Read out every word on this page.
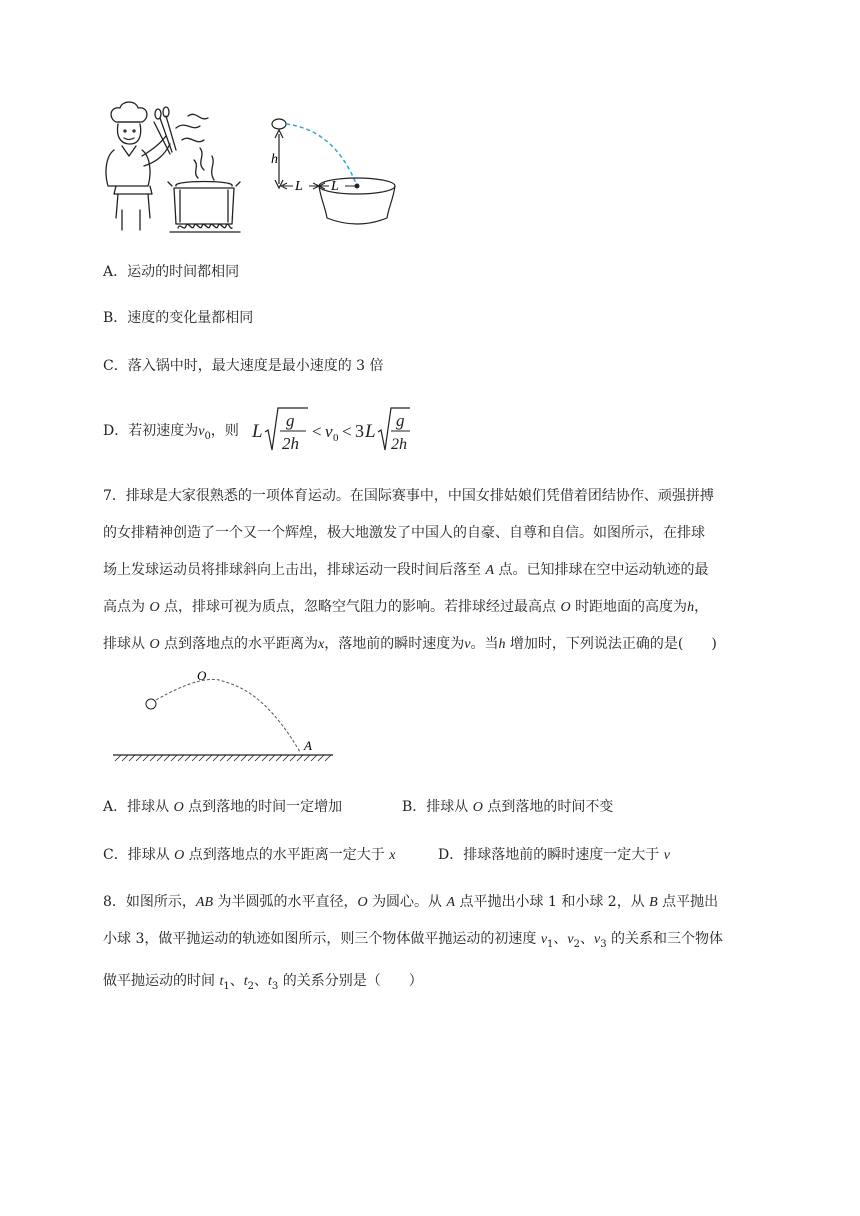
h
L L
A．运动的时间都相同
B．速度的变化量都相同
C．落入锅中时，最大速度是最小速度的 3 倍
D．若初速度为$v_0$，则 L
g
2h
< v 0 < 3 L
g
2h
7．排球是大家很熟悉的一项体育运动。在国际赛事中，中国女排姑娘们凭借着团结协作、顽强拼搏
的女排精神创造了一个又一个辉煌，极大地激发了中国人的自豪、自尊和自信。如图所示，在排球
场上发球运动员将排球斜向上击出，排球运动一段时间后落至 A 点。已知排球在空中运动轨迹的最
高点为 O 点，排球可视为质点，忽略空气阻力的影响。若排球经过最高点 O 时距地面的高度为h，
排球从 O 点到落地点的水平距离为x，落地前的瞬时速度为v。当h 增加时，下列说法正确的是(　　)
O
A
A．排球从 O 点到落地的时间一定增加	B．排球从 O 点到落地的时间不变
C．排球从 O 点到落地点的水平距离一定大于 x	D．排球落地前的瞬时速度一定大于 v
8．如图所示，AB 为半圆弧的水平直径，O 为圆心。从 A 点平抛出小球 1 和小球 2，从 B 点平抛出
小球 3，做平抛运动的轨迹如图所示，则三个物体做平抛运动的初速度 $v_1$、$v_2$、$v_3$ 的关系和三个物体
做平抛运动的时间 $t_1$、$t_2$、$t_3$ 的关系分别是（　　）
